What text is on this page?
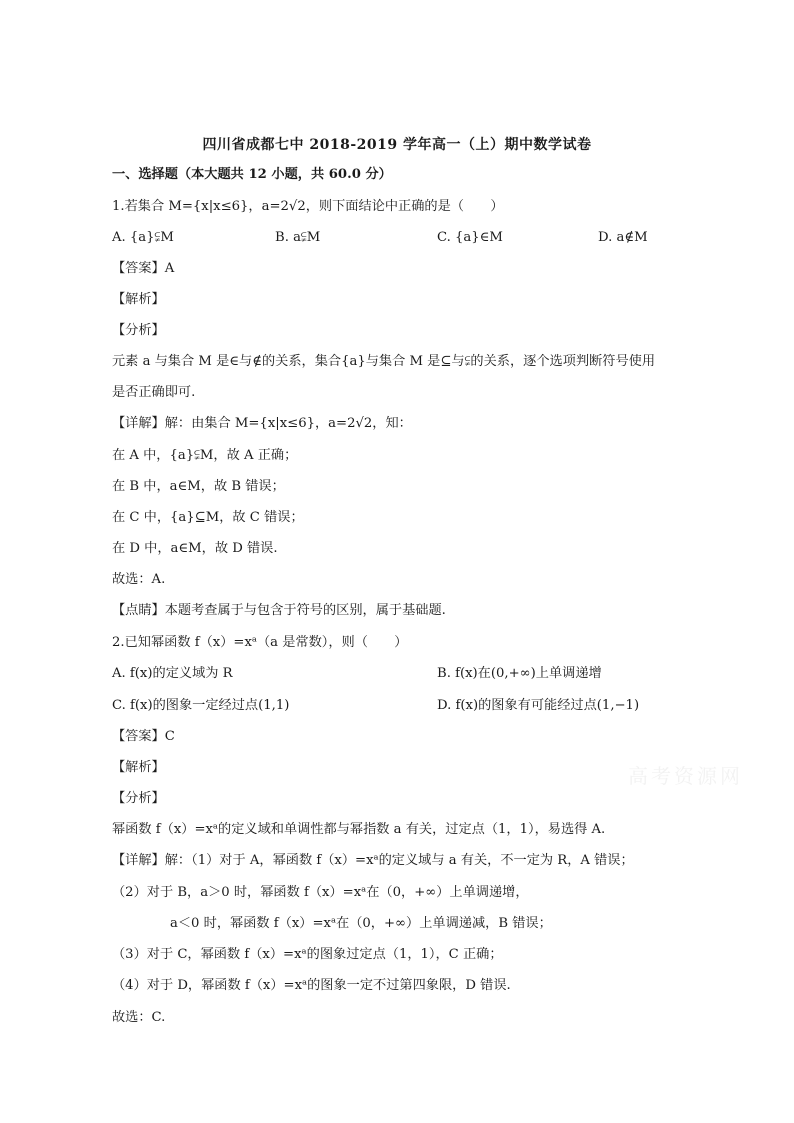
四川省成都七中 2018-2019 学年高一（上）期中数学试卷
一、选择题（本大题共 12 小题，共 60.0 分）
1.若集合 M={x|x≤6}，a=2√2，则下面结论中正确的是（　　）
A. {a}⫋M	B. a⫋M	C. {a}∈M	D. a∉M
【答案】A
【解析】
【分析】
元素 a 与集合 M 是∈与∉的关系，集合{a}与集合 M 是⊆与⫋的关系，逐个选项判断符号使用
是否正确即可.
【详解】解：由集合 M={x|x≤6}，a=2√2，知：
在 A 中，{a}⫋M，故 A 正确；
在 B 中，a∈M，故 B 错误；
在 C 中，{a}⊆M，故 C 错误；
在 D 中，a∈M，故 D 错误.
故选：A.
【点睛】本题考查属于与包含于符号的区别，属于基础题.
2.已知幂函数 f（x）=xᵃ（a 是常数），则（　　）
A. f(x)的定义域为 R	B. f(x)在(0,+∞)上单调递增
C. f(x)的图象一定经过点(1,1)	D. f(x)的图象有可能经过点(1,−1)
【答案】C
【解析】
【分析】
幂函数 f（x）=xᵃ的定义域和单调性都与幂指数 a 有关，过定点（1，1），易选得 A.
【详解】解：（1）对于 A，幂函数 f（x）=xᵃ的定义域与 a 有关，不一定为 R，A 错误；
（2）对于 B，a＞0 时，幂函数 f（x）=xᵃ在（0，+∞）上单调递增，
a＜0 时，幂函数 f（x）=xᵃ在（0，+∞）上单调递减，B 错误；
（3）对于 C，幂函数 f（x）=xᵃ的图象过定点（1，1），C 正确；
（4）对于 D，幂函数 f（x）=xᵃ的图象一定不过第四象限，D 错误.
故选：C.
高考资源网
